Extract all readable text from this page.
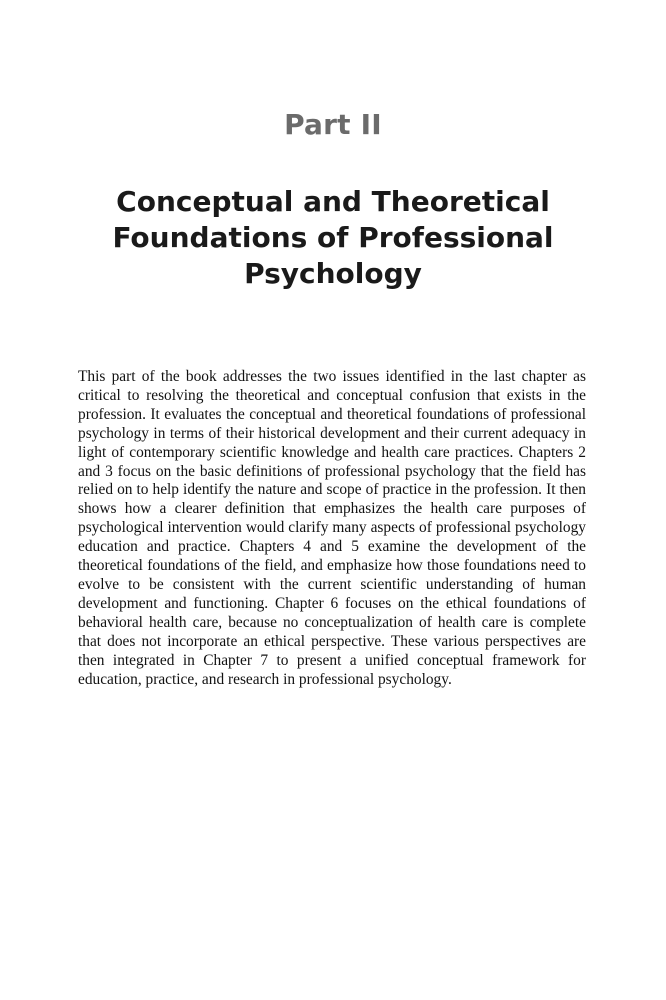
Part II
Conceptual and Theoretical Foundations of Professional Psychology

This part of the book addresses the two issues identified in the last chapter as critical to resolving the theoretical and conceptual confusion that exists in the profession. It evaluates the conceptual and theoretical foundations of professional psychology in terms of their historical development and their current adequacy in light of contemporary scientific knowledge and health care practices. Chapters 2 and 3 focus on the basic definitions of professional psychology that the field has relied on to help identify the nature and scope of practice in the profession. It then shows how a clearer definition that emphasizes the health care purposes of psychological intervention would clarify many aspects of professional psychology education and practice. Chapters 4 and 5 examine the development of the theoretical foundations of the field, and emphasize how those foundations need to evolve to be consistent with the current scientific understanding of human development and functioning. Chapter 6 focuses on the ethical foundations of behavioral health care, because no conceptualization of health care is complete that does not incorporate an ethical perspective. These various perspectives are then integrated in Chapter 7 to present a unified conceptual framework for education, practice, and research in professional psychology.
